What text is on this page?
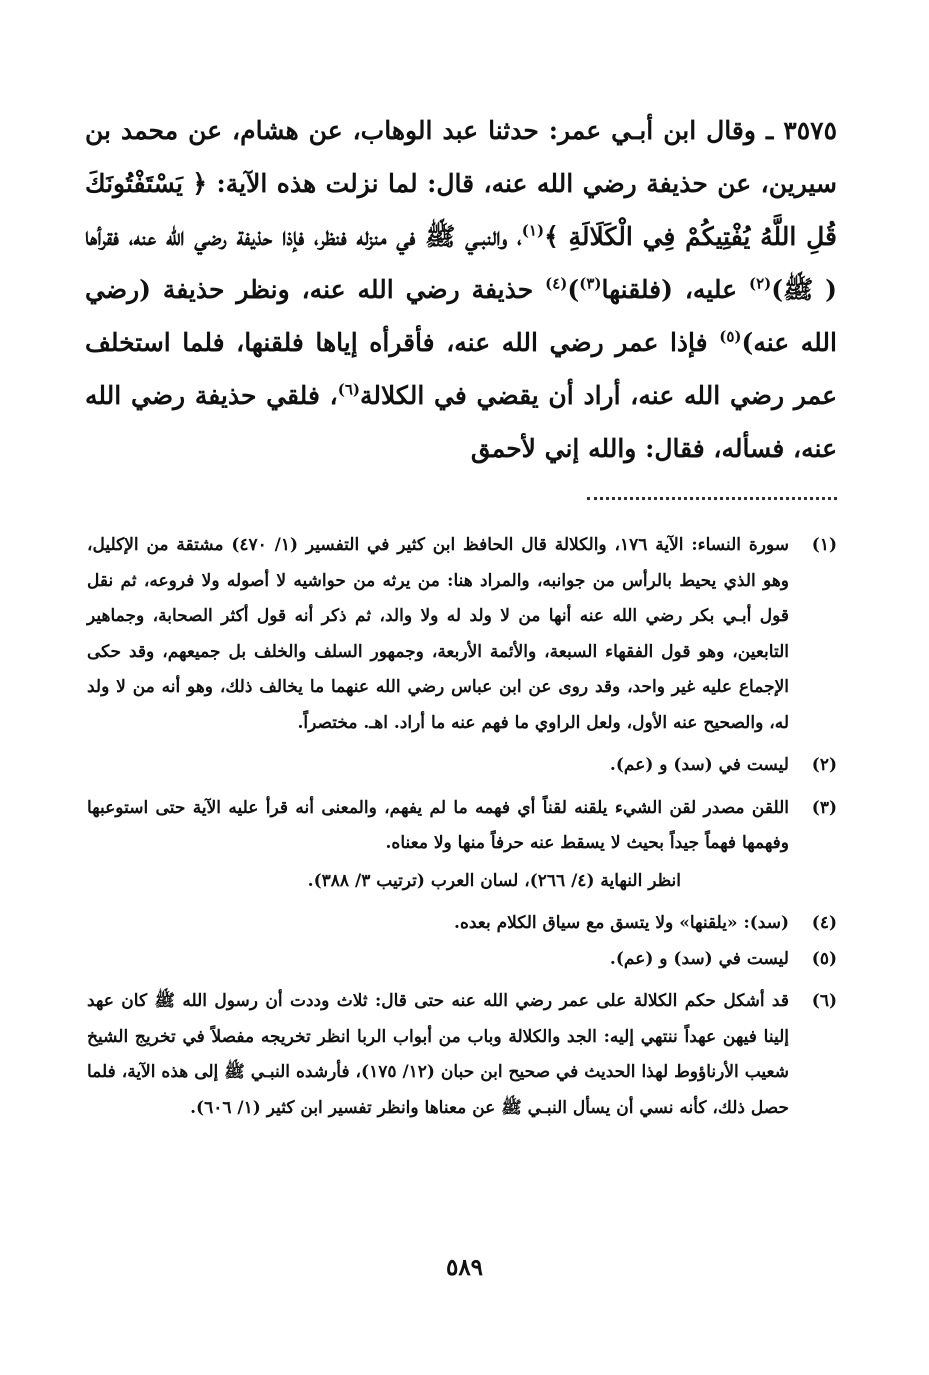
٣٥٧٥ ـ وقال ابن أبـي عمر: حدثنا عبد الوهاب، عن هشام، عن محمد بن سيرين، عن حذيفة رضي الله عنه، قال: لما نزلت هذه الآية: ﴿ يَسْتَفْتُونَكَ قُلِ اللَّهُ يُفْتِيكُمْ فِي الْكَلَالَةِ ﴾$^{(١)}$، والنبـي ﷺ في منزله فنظر، فإذا حذيفة رضي الله عنه، فقرأها ( ﷺ)$^{(٢)}$ عليه، (فلقنها$^{(٣)}$)$^{(٤)}$ حذيفة رضي الله عنه، ونظر حذيفة (رضي الله عنه)$^{(٥)}$ فإذا عمر رضي الله عنه، فأقرأه إياها فلقنها، فلما استخلف عمر رضي الله عنه، أراد أن يقضي في الكلالة$^{(٦)}$، فلقي حذيفة رضي الله عنه، فسأله، فقال: والله إني لأحمق

(١)
سورة النساء: الآية ١٧٦، والكلالة قال الحافظ ابن كثير في التفسير (١/ ٤٧٠) مشتقة من الإكليل، وهو الذي يحيط بالرأس من جوانبه، والمراد هنا: من يرثه من حواشيه لا أصوله ولا فروعه، ثم نقل قول أبـي بكر رضي الله عنه أنها من لا ولد له ولا والد، ثم ذكر أنه قول أكثر الصحابة، وجماهير التابعين، وهو قول الفقهاء السبعة، والأئمة الأربعة، وجمهور السلف والخلف بل جميعهم، وقد حكى الإجماع عليه غير واحد، وقد روى عن ابن عباس رضي الله عنهما ما يخالف ذلك، وهو أنه من لا ولد له، والصحيح عنه الأول، ولعل الراوي ما فهم عنه ما أراد. اهـ. مختصراً.
(٢)
ليست في (سد) و (عم).
(٣)
اللقن مصدر لقن الشيء يلقنه لقناً أي فهمه ما لم يفهم، والمعنى أنه قرأ عليه الآية حتى استوعبها وفهمها فهماً جيداً بحيث لا يسقط عنه حرفاً منها ولا معناه.
انظر النهاية (٤/ ٢٦٦)، لسان العرب (ترتيب ٣/ ٣٨٨).
(٤)
(سد): «يلقنها» ولا يتسق مع سياق الكلام بعده.
(٥)
ليست في (سد) و (عم).
(٦)
قد أشكل حكم الكلالة على عمر رضي الله عنه حتى قال: ثلاث وددت أن رسول الله ﷺ كان عهد إلينا فيهن عهداً ننتهي إليه: الجد والكلالة وباب من أبواب الربا انظر تخريجه مفصلاً في تخريج الشيخ شعيب الأرناؤوط لهذا الحديث في صحيح ابن حبان (١٢/ ١٧٥)، فأرشده النبـي ﷺ إلى هذه الآية، فلما حصل ذلك، كأنه نسي أن يسأل النبـي ﷺ عن معناها وانظر تفسير ابن كثير (١/ ٦٠٦).
٥٨٩
